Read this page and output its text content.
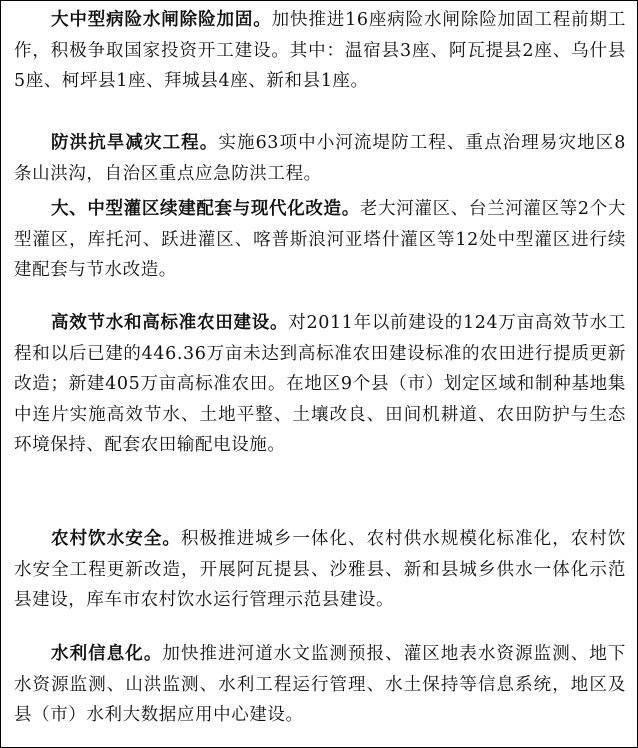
大中型病险水闸除险加固。加快推进16座病险水闸除险加固工程前期工作，积极争取国家投资开工建设。其中：温宿县3座、阿瓦提县2座、乌什县5座、柯坪县1座、拜城县4座、新和县1座。

防洪抗旱减灾工程。实施63项中小河流堤防工程、重点治理易灾地区8条山洪沟，自治区重点应急防洪工程。

大、中型灌区续建配套与现代化改造。老大河灌区、台兰河灌区等2个大型灌区，库托河、跃进灌区、喀普斯浪河亚塔什灌区等12处中型灌区进行续建配套与节水改造。

高效节水和高标准农田建设。对2011年以前建设的124万亩高效节水工程和以后已建的446.36万亩未达到高标准农田建设标准的农田进行提质更新改造；新建405万亩高标准农田。在地区9个县（市）划定区域和制种基地集中连片实施高效节水、土地平整、土壤改良、田间机耕道、农田防护与生态环境保持、配套农田输配电设施。

农村饮水安全。积极推进城乡一体化、农村供水规模化标准化，农村饮水安全工程更新改造，开展阿瓦提县、沙雅县、新和县城乡供水一体化示范县建设，库车市农村饮水运行管理示范县建设。

水利信息化。加快推进河道水文监测预报、灌区地表水资源监测、地下水资源监测、山洪监测、水利工程运行管理、水土保持等信息系统，地区及县（市）水利大数据应用中心建设。
